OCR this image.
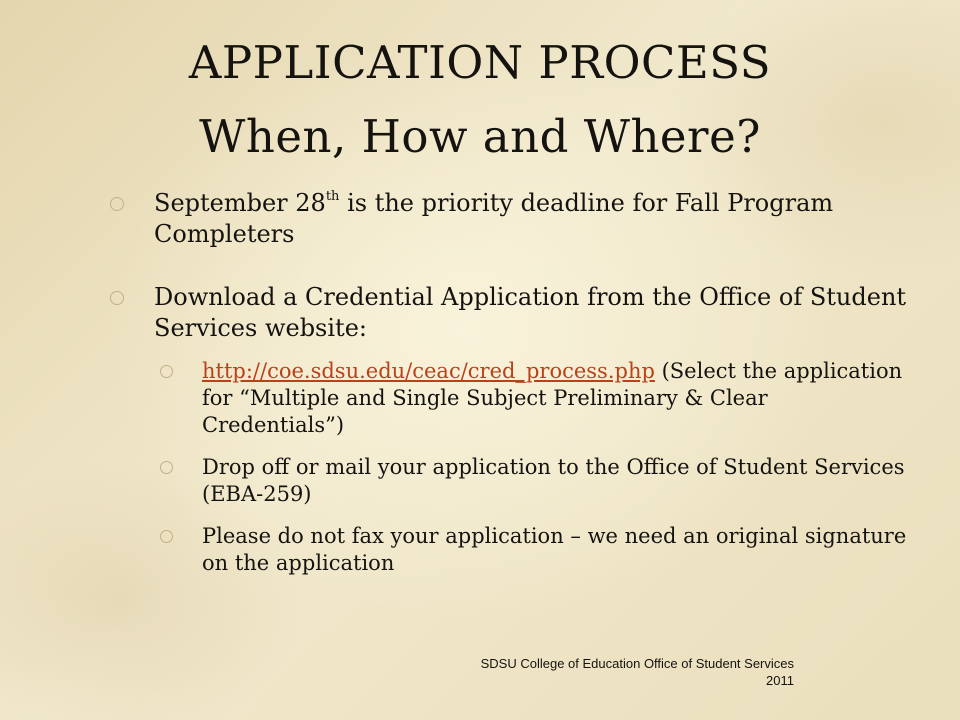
APPLICATION PROCESS
When, How and Where?
September 28th is the priority deadline for Fall Program Completers
Download a Credential Application from the Office of Student Services website:
http://coe.sdsu.edu/ceac/cred_process.php (Select the application for “Multiple and Single Subject Preliminary & Clear Credentials”)
Drop off or mail your application to the Office of Student Services (EBA-259)
Please do not fax your application – we need an original signature on the application
SDSU College of Education Office of Student Services
2011
